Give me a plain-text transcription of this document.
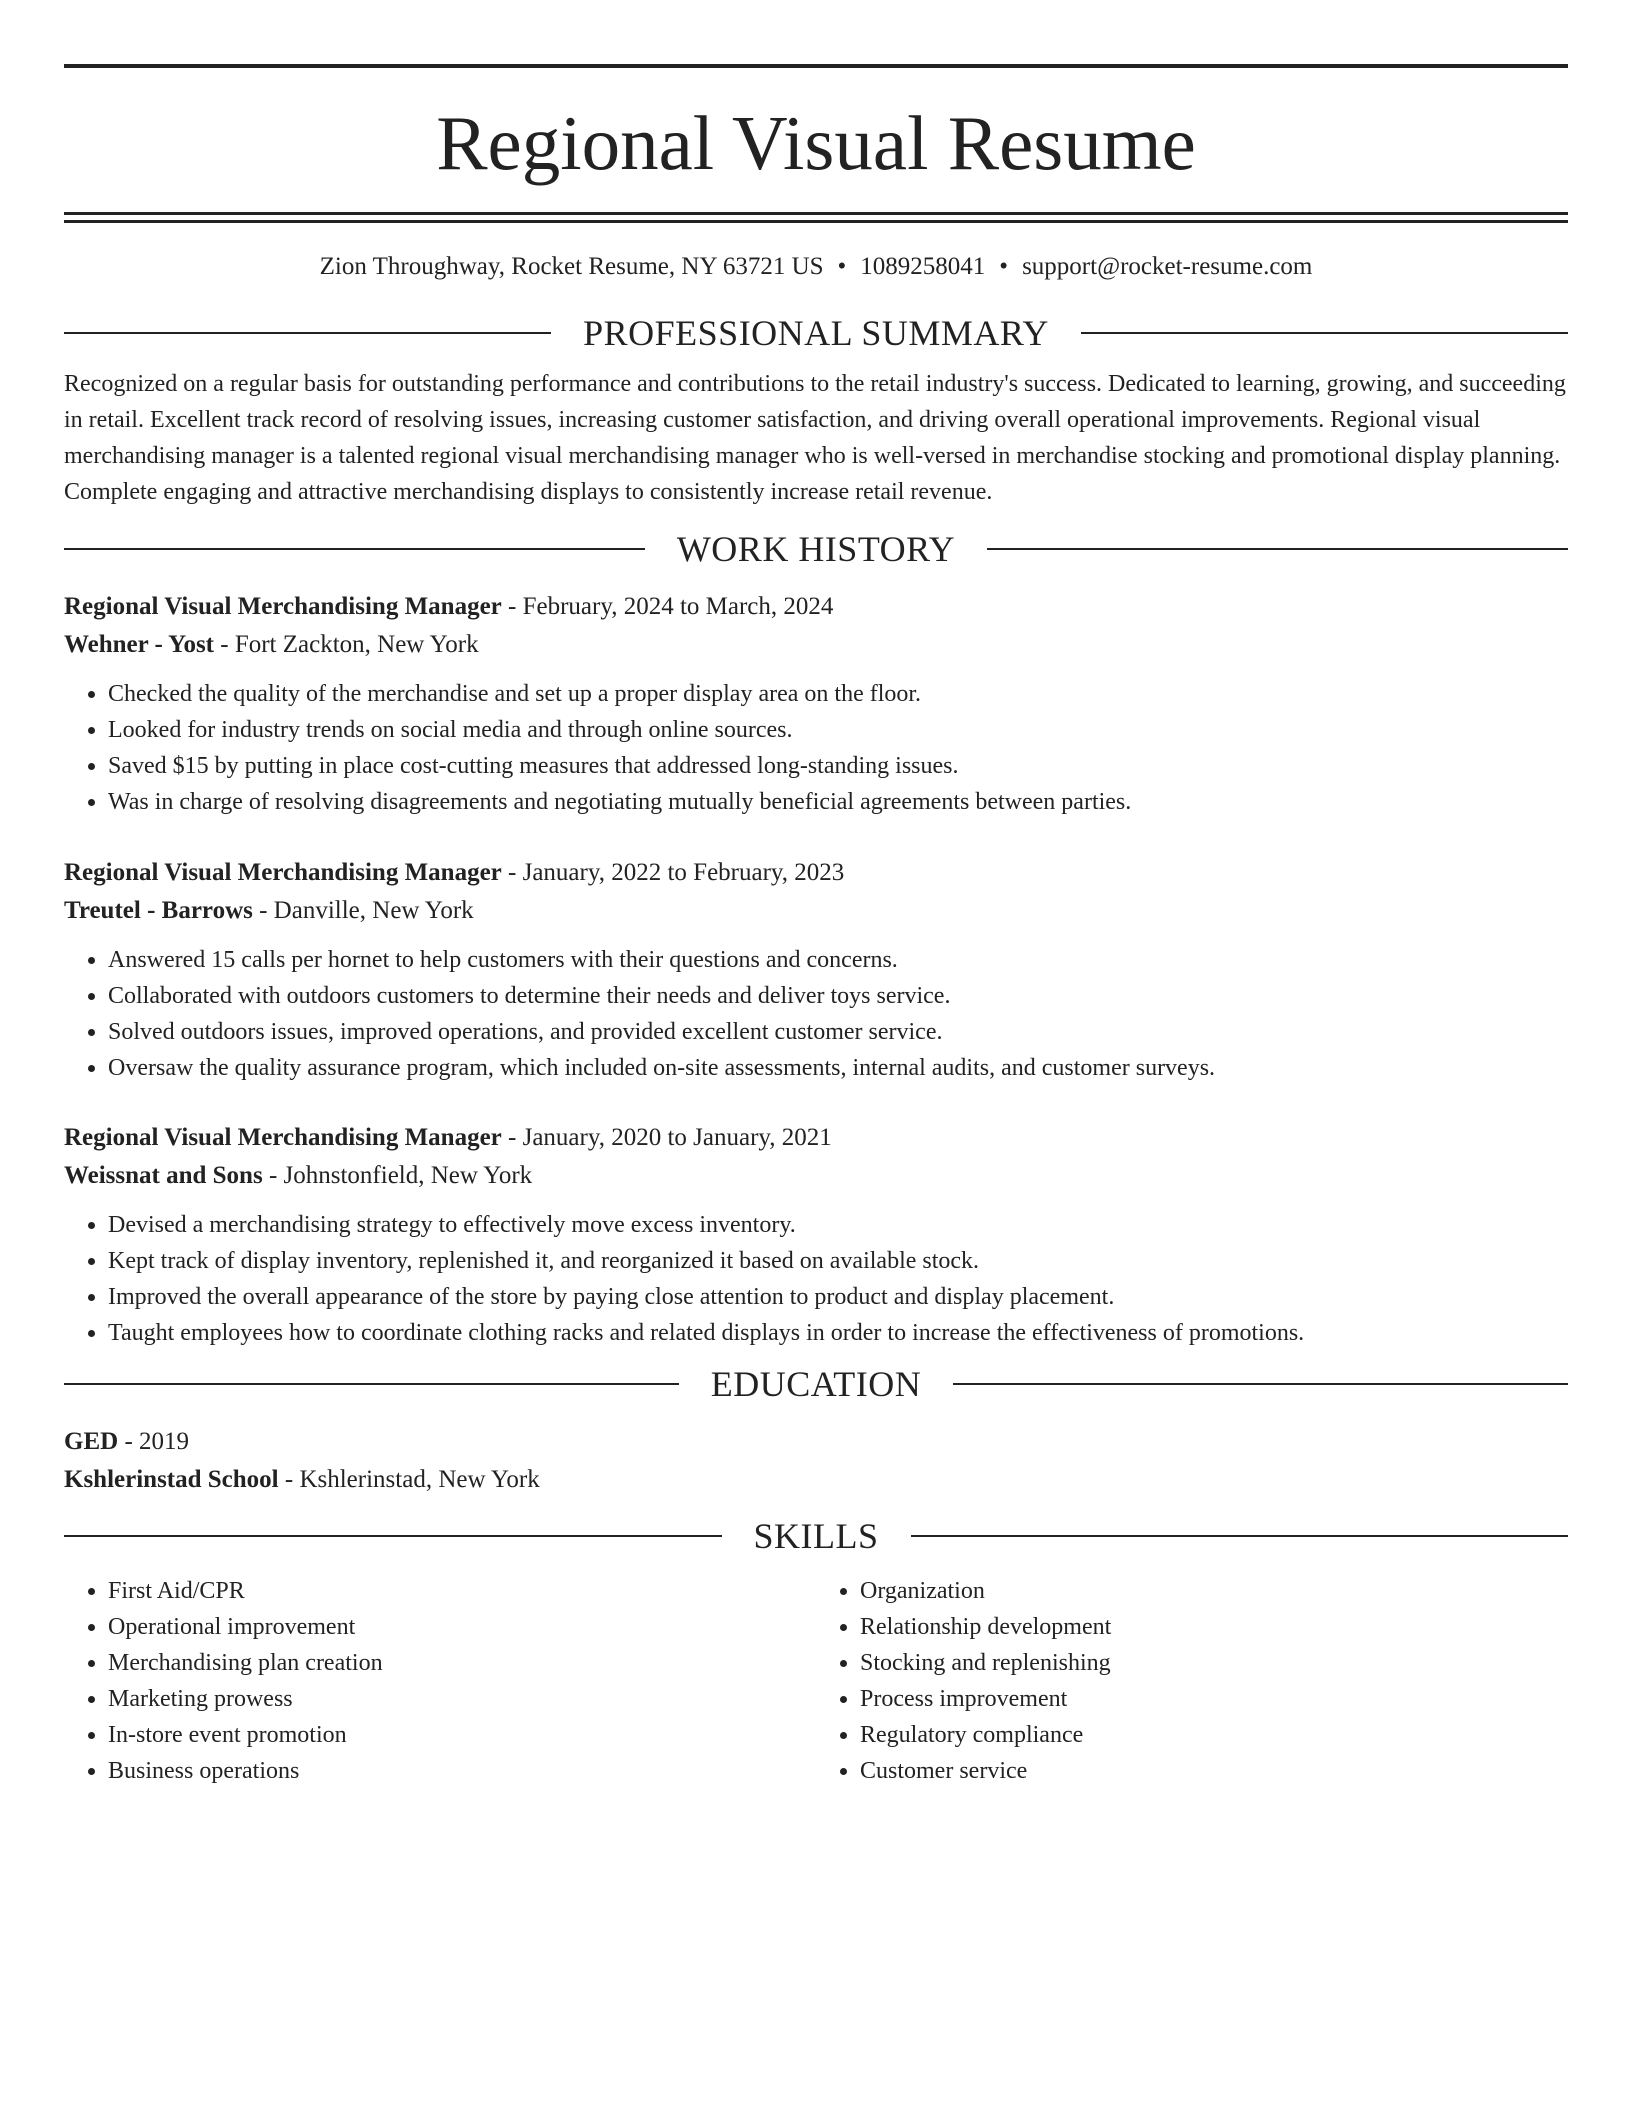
Regional Visual Resume
Zion Throughway, Rocket Resume, NY 63721 US • 1089258041 • support@rocket-resume.com
PROFESSIONAL SUMMARY
Recognized on a regular basis for outstanding performance and contributions to the retail industry's success. Dedicated to learning, growing, and succeeding in retail. Excellent track record of resolving issues, increasing customer satisfaction, and driving overall operational improvements. Regional visual merchandising manager is a talented regional visual merchandising manager who is well-versed in merchandise stocking and promotional display planning. Complete engaging and attractive merchandising displays to consistently increase retail revenue.
WORK HISTORY
Regional Visual Merchandising Manager - February, 2024 to March, 2024
Wehner - Yost - Fort Zackton, New York
• Checked the quality of the merchandise and set up a proper display area on the floor.
• Looked for industry trends on social media and through online sources.
• Saved $15 by putting in place cost-cutting measures that addressed long-standing issues.
• Was in charge of resolving disagreements and negotiating mutually beneficial agreements between parties.
Regional Visual Merchandising Manager - January, 2022 to February, 2023
Treutel - Barrows - Danville, New York
• Answered 15 calls per hornet to help customers with their questions and concerns.
• Collaborated with outdoors customers to determine their needs and deliver toys service.
• Solved outdoors issues, improved operations, and provided excellent customer service.
• Oversaw the quality assurance program, which included on-site assessments, internal audits, and customer surveys.
Regional Visual Merchandising Manager - January, 2020 to January, 2021
Weissnat and Sons - Johnstonfield, New York
• Devised a merchandising strategy to effectively move excess inventory.
• Kept track of display inventory, replenished it, and reorganized it based on available stock.
• Improved the overall appearance of the store by paying close attention to product and display placement.
• Taught employees how to coordinate clothing racks and related displays in order to increase the effectiveness of promotions.
EDUCATION
GED - 2019
Kshlerinstad School - Kshlerinstad, New York
SKILLS
• First Aid/CPR
• Operational improvement
• Merchandising plan creation
• Marketing prowess
• In-store event promotion
• Business operations
• Organization
• Relationship development
• Stocking and replenishing
• Process improvement
• Regulatory compliance
• Customer service
